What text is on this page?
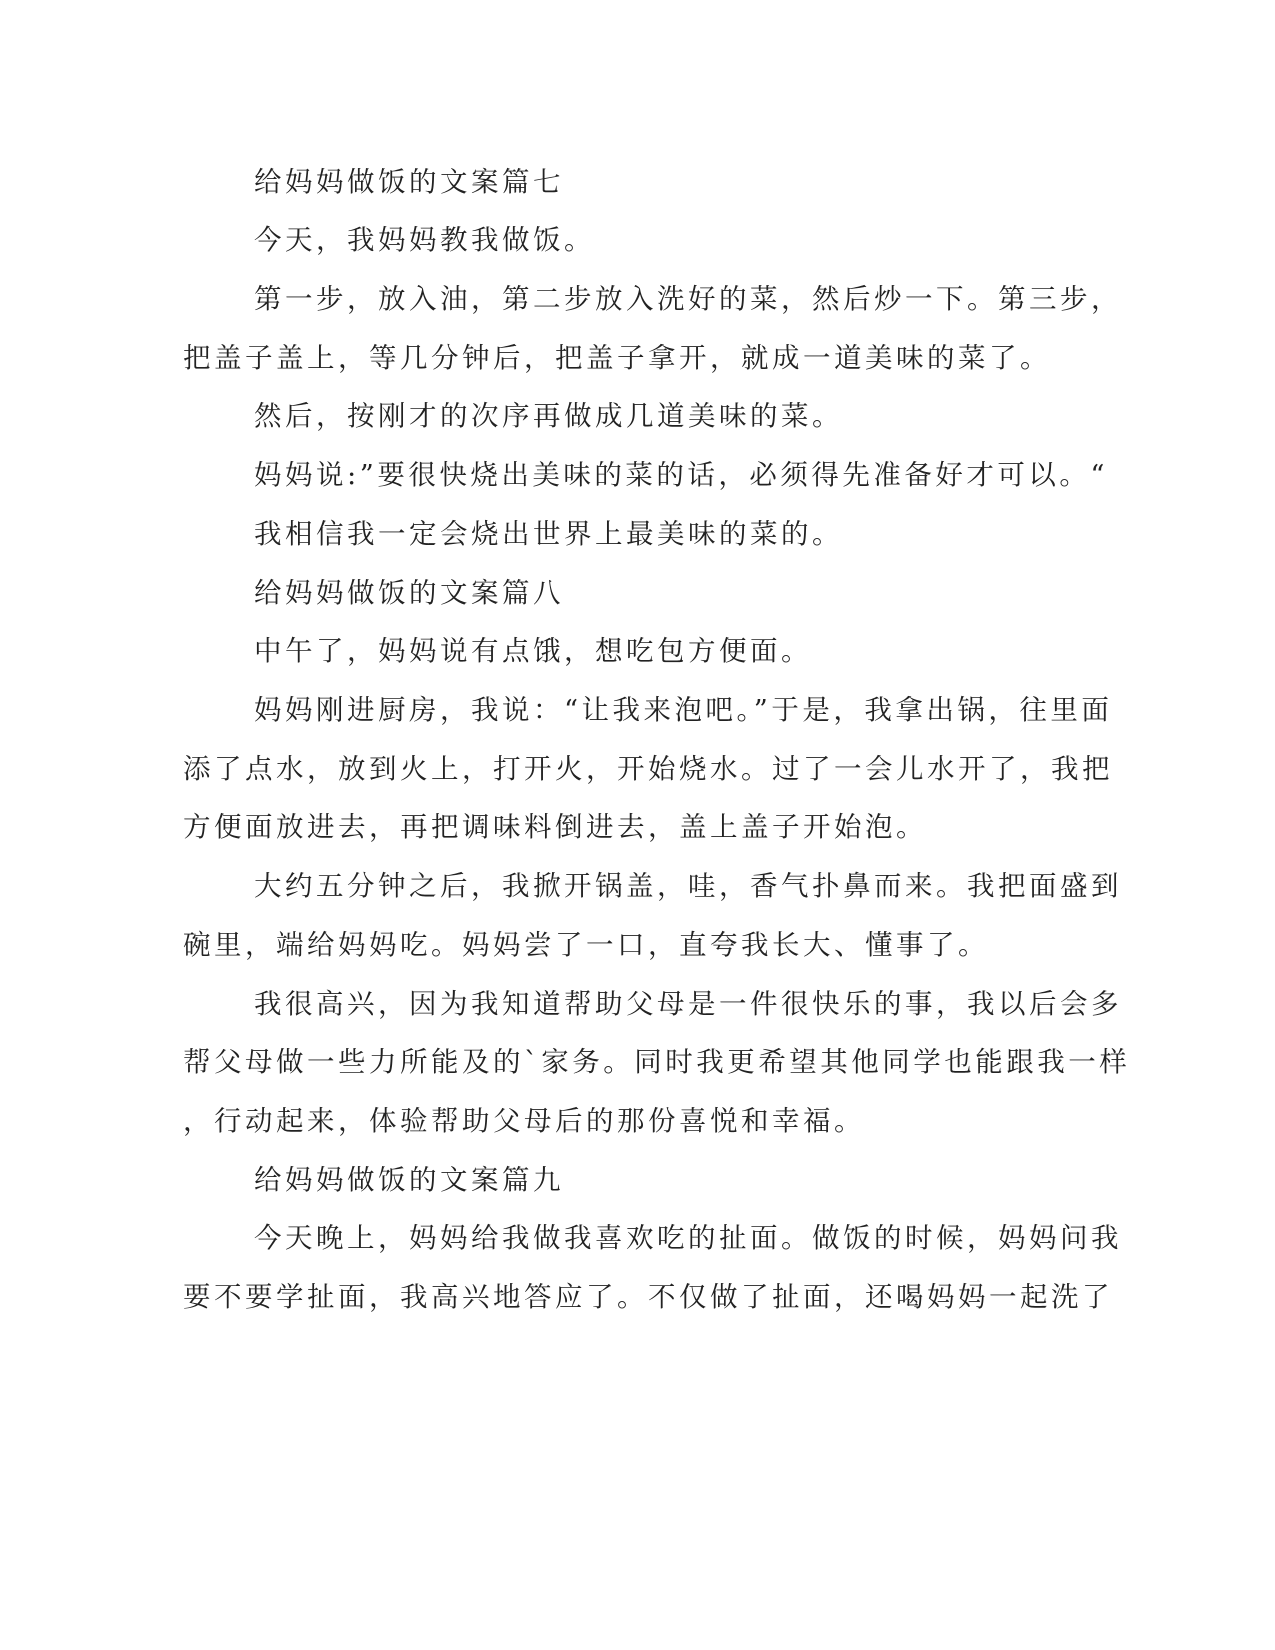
给妈妈做饭的文案篇七

今天，我妈妈教我做饭。

第一步，放入油，第二步放入洗好的菜，然后炒一下。第三步，

把盖子盖上，等几分钟后，把盖子拿开，就成一道美味的菜了。

然后，按刚才的次序再做成几道美味的菜。

妈妈说:”要很快烧出美味的菜的话，必须得先准备好才可以。“

我相信我一定会烧出世界上最美味的菜的。

给妈妈做饭的文案篇八

中午了，妈妈说有点饿，想吃包方便面。

妈妈刚进厨房，我说：“让我来泡吧。”于是，我拿出锅，往里面

添了点水，放到火上，打开火，开始烧水。过了一会儿水开了，我把

方便面放进去，再把调味料倒进去，盖上盖子开始泡。

大约五分钟之后，我掀开锅盖，哇，香气扑鼻而来。我把面盛到

碗里，端给妈妈吃。妈妈尝了一口，直夸我长大、懂事了。

我很高兴，因为我知道帮助父母是一件很快乐的事，我以后会多

帮父母做一些力所能及的`家务。同时我更希望其他同学也能跟我一样

，行动起来，体验帮助父母后的那份喜悦和幸福。

给妈妈做饭的文案篇九

今天晚上，妈妈给我做我喜欢吃的扯面。做饭的时候，妈妈问我

要不要学扯面，我高兴地答应了。不仅做了扯面，还喝妈妈一起洗了
